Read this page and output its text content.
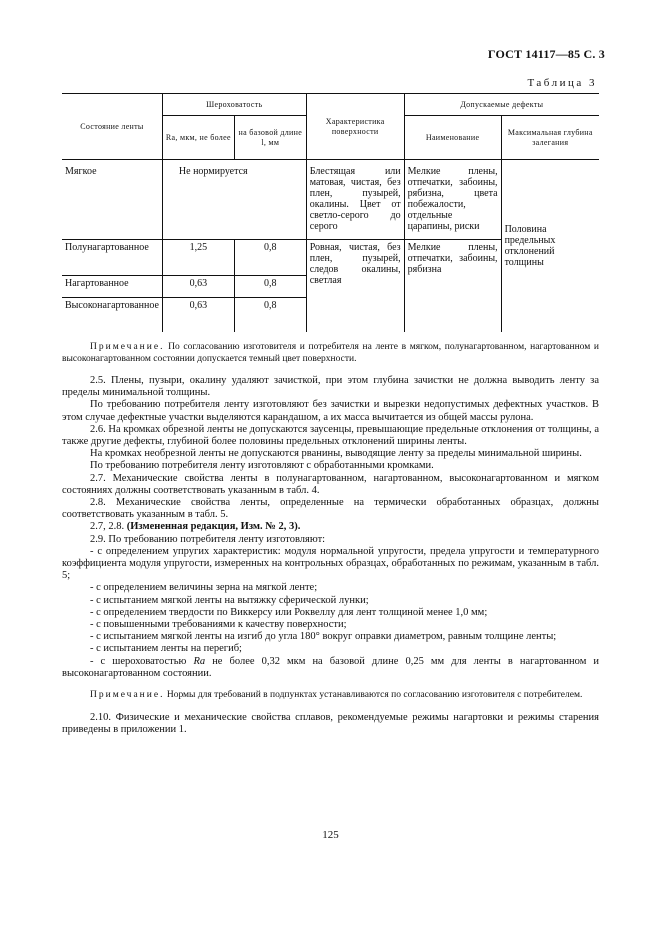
ГОСТ 14117—85 С. 3
Таблица 3
Состояние ленты	Шероховатость		Характеристика поверхности	Допускаемые дефекты	
	Ra, мкм, не более	на базовой длине l, мм		Наименование	Максимальная глубина залегания
Мягкое	Не нормируется		Блестящая или матовая, чистая, без плен, пузырей, окалины. Цвет от светло-серого до серого	Мелкие плены, отпечатки, забоины, рябизна, цвета побежалости, отдельные царапины, риски	Половина предельных отклонений толщины
Полунагартованное	1,25	0,8	Ровная, чистая, без плен, пузырей, следов окалины, светлая	Мелкие плены, отпечатки, забоины, рябизна	
Нагартованное	0,63	0,8			
Высоконагартованное	0,63	0,8			

Примечание. По согласованию изготовителя и потребителя на ленте в мягком, полунагартованном, нагартованном и высоконагартованном состоянии допускается темный цвет поверхности.

2.5. Плены, пузыри, окалину удаляют зачисткой, при этом глубина зачистки не должна выводить ленту за пределы минимальной толщины.

По требованию потребителя ленту изготовляют без зачистки и вырезки недопустимых дефектных участков. В этом случае дефектные участки выделяются карандашом, а их масса вычитается из общей массы рулона.

2.6. На кромках обрезной ленты не допускаются заусенцы, превышающие предельные отклонения от толщины, а также другие дефекты, глубиной более половины предельных отклонений ширины ленты.

На кромках необрезной ленты не допускаются рванины, выводящие ленту за пределы минимальной ширины.

По требованию потребителя ленту изготовляют с обработанными кромками.

2.7. Механические свойства ленты в полунагартованном, нагартованном, высоконагартованном и мягком состояниях должны соответствовать указанным в табл. 4.

2.8. Механические свойства ленты, определенные на термически обработанных образцах, должны соответствовать указанным в табл. 5.

2.7, 2.8. (Измененная редакция, Изм. № 2, 3).

2.9. По требованию потребителя ленту изготовляют:

- с определением упругих характеристик: модуля нормальной упругости, предела упругости и температурного коэффициента модуля упругости, измеренных на контрольных образцах, обработанных по режимам, указанным в табл. 5;

- с определением величины зерна на мягкой ленте;

- с испытанием мягкой ленты на вытяжку сферической лунки;

- с определением твердости по Виккерсу или Роквеллу для лент толщиной менее 1,0 мм;

- с повышенными требованиями к качеству поверхности;

- с испытанием мягкой ленты на изгиб до угла 180° вокруг оправки диаметром, равным толщине ленты;

- с испытанием ленты на перегиб;

- с шероховатостью Ra не более 0,32 мкм на базовой длине 0,25 мм для ленты в нагартованном и высоконагартованном состоянии.

Примечание. Нормы для требований в подпунктах устанавливаются по согласованию изготовителя с потребителем.

2.10. Физические и механические свойства сплавов, рекомендуемые режимы нагартовки и режимы старения приведены в приложении 1.

125
